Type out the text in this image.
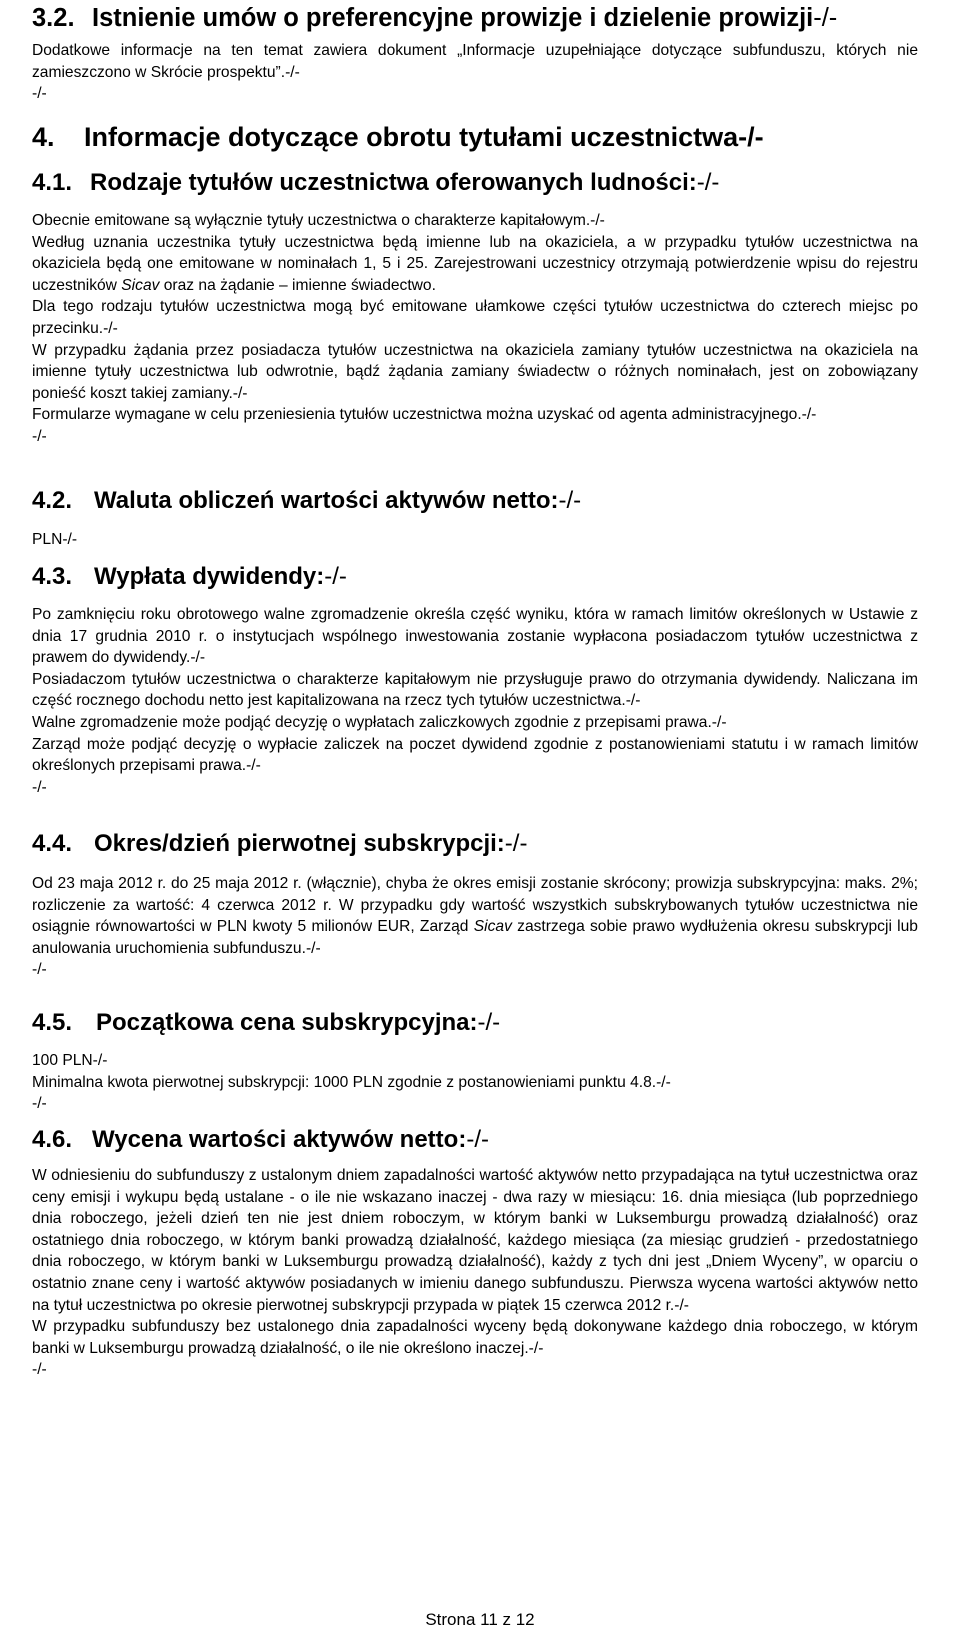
3.2. Istnienie umów o preferencyjne prowizje i dzielenie prowizji-/-

Dodatkowe informacje na ten temat zawiera dokument „Informacje uzupełniające dotyczące subfunduszu, których nie zamieszczono w Skrócie prospektu”.-/-

-/-

4. Informacje dotyczące obrotu tytułami uczestnictwa-/-
4.1. Rodzaje tytułów uczestnictwa oferowanych ludności:-/-

Obecnie emitowane są wyłącznie tytuły uczestnictwa o charakterze kapitałowym.-/-

Według uznania uczestnika tytuły uczestnictwa będą imienne lub na okaziciela, a w przypadku tytułów uczestnictwa na okaziciela będą one emitowane w nominałach 1, 5 i 25. Zarejestrowani uczestnicy otrzymają potwierdzenie wpisu do rejestru uczestników Sicav oraz na żądanie – imienne świadectwo.

Dla tego rodzaju tytułów uczestnictwa mogą być emitowane ułamkowe części tytułów uczestnictwa do czterech miejsc po przecinku.-/-

W przypadku żądania przez posiadacza tytułów uczestnictwa na okaziciela zamiany tytułów uczestnictwa na okaziciela na imienne tytuły uczestnictwa lub odwrotnie, bądź żądania zamiany świadectw o różnych nominałach, jest on zobowiązany ponieść koszt takiej zamiany.-/-

Formularze wymagane w celu przeniesienia tytułów uczestnictwa można uzyskać od agenta administracyjnego.-/-

-/-

4.2. Waluta obliczeń wartości aktywów netto:-/-
PLN-/-
4.3. Wypłata dywidendy:-/-

Po zamknięciu roku obrotowego walne zgromadzenie określa część wyniku, która w ramach limitów określonych w Ustawie z dnia 17 grudnia 2010 r. o instytucjach wspólnego inwestowania zostanie wypłacona posiadaczom tytułów uczestnictwa z prawem do dywidendy.-/-

Posiadaczom tytułów uczestnictwa o charakterze kapitałowym nie przysługuje prawo do otrzymania dywidendy. Naliczana im część rocznego dochodu netto jest kapitalizowana na rzecz tych tytułów uczestnictwa.-/-

Walne zgromadzenie może podjąć decyzję o wypłatach zaliczkowych zgodnie z przepisami prawa.-/-

Zarząd może podjąć decyzję o wypłacie zaliczek na poczet dywidend zgodnie z postanowieniami statutu i w ramach limitów określonych przepisami prawa.-/-

-/-

4.4. Okres/dzień pierwotnej subskrypcji:-/-

Od 23 maja 2012 r. do 25 maja 2012 r. (włącznie), chyba że okres emisji zostanie skrócony; prowizja subskrypcyjna: maks. 2%; rozliczenie za wartość: 4 czerwca 2012 r. W przypadku gdy wartość wszystkich subskrybowanych tytułów uczestnictwa nie osiągnie równowartości w PLN kwoty 5 milionów EUR, Zarząd Sicav zastrzega sobie prawo wydłużenia okresu subskrypcji lub anulowania uruchomienia subfunduszu.-/-

-/-

4.5. Początkowa cena subskrypcyjna:-/-

100 PLN-/-

Minimalna kwota pierwotnej subskrypcji: 1000 PLN zgodnie z postanowieniami punktu 4.8.-/-

-/-

4.6. Wycena wartości aktywów netto:-/-

W odniesieniu do subfunduszy z ustalonym dniem zapadalności wartość aktywów netto przypadająca na tytuł uczestnictwa oraz ceny emisji i wykupu będą ustalane - o ile nie wskazano inaczej - dwa razy w miesiącu: 16. dnia miesiąca (lub poprzedniego dnia roboczego, jeżeli dzień ten nie jest dniem roboczym, w którym banki w Luksemburgu prowadzą działalność) oraz ostatniego dnia roboczego, w którym banki prowadzą działalność, każdego miesiąca (za miesiąc grudzień - przedostatniego dnia roboczego, w którym banki w Luksemburgu prowadzą działalność), każdy z tych dni jest „Dniem Wyceny”, w oparciu o ostatnio znane ceny i wartość aktywów posiadanych w imieniu danego subfunduszu. Pierwsza wycena wartości aktywów netto na tytuł uczestnictwa po okresie pierwotnej subskrypcji przypada w piątek 15 czerwca 2012 r.-/-

W przypadku subfunduszy bez ustalonego dnia zapadalności wyceny będą dokonywane każdego dnia roboczego, w którym banki w Luksemburgu prowadzą działalność, o ile nie określono inaczej.-/-

-/-

Strona 11 z 12
